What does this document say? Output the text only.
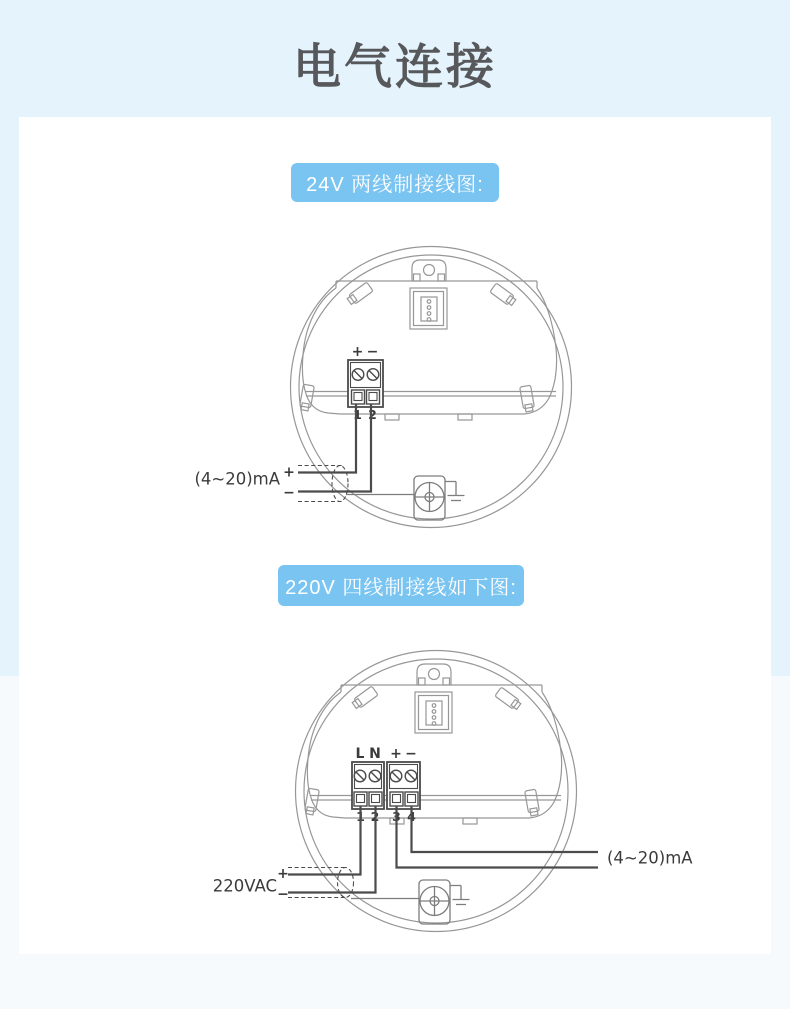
电气连接
24V 两线制接线图:
220V 四线制接线如下图:
+ −
1 2
+
−
(4~20)mA
1 2 3 4
L N + −
220VAC
+
−
(4~20)mA
